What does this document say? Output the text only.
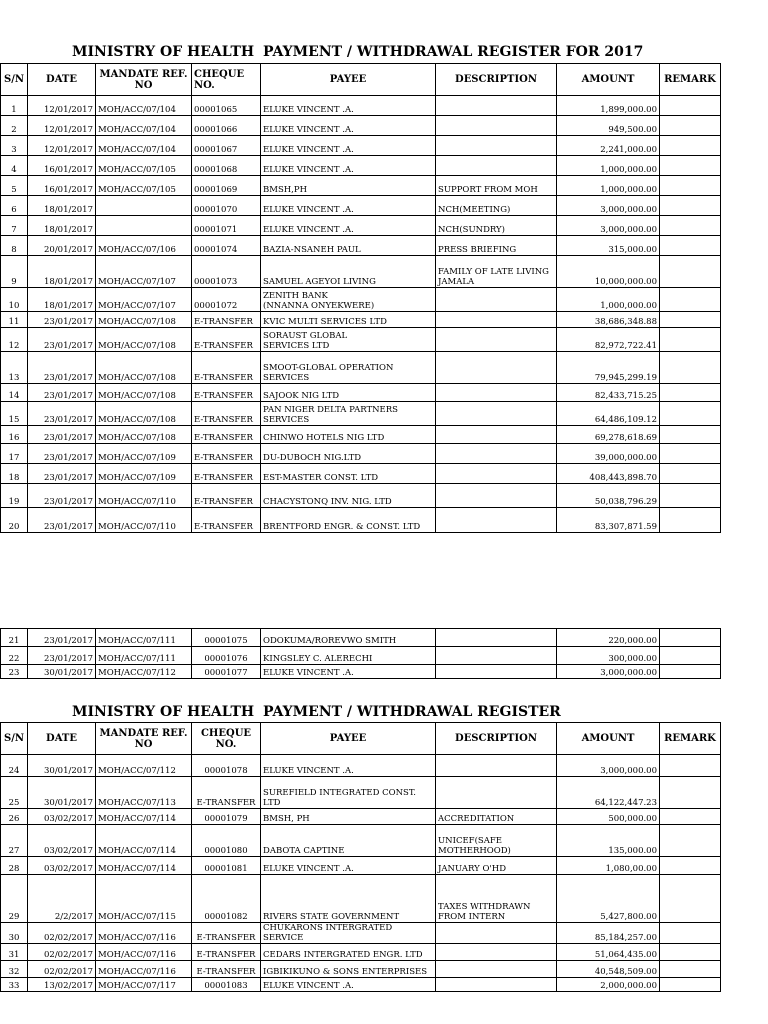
MINISTRY OF HEALTH PAYMENT / WITHDRAWAL REGISTER FOR 2017
S/N	DATE	MANDATE REF. NO	CHEQUE NO.	PAYEE	DESCRIPTION	AMOUNT	REMARK
1	12/01/2017	MOH/ACC/07/104	00001065	ELUKE VINCENT .A.		1,899,000.00	
2	12/01/2017	MOH/ACC/07/104	00001066	ELUKE VINCENT .A.		949,500.00	
3	12/01/2017	MOH/ACC/07/104	00001067	ELUKE VINCENT .A.		2,241,000.00	
4	16/01/2017	MOH/ACC/07/105	00001068	ELUKE VINCENT .A.		1,000,000.00	
5	16/01/2017	MOH/ACC/07/105	00001069	BMSH,PH	SUPPORT FROM MOH	1,000,000.00	
6	18/01/2017		00001070	ELUKE VINCENT .A.	NCH(MEETING)	3,000,000.00	
7	18/01/2017		00001071	ELUKE VINCENT .A.	NCH(SUNDRY)	3,000,000.00	
8	20/01/2017	MOH/ACC/07/106	00001074	BAZIA-NSANEH PAUL	PRESS BRIEFING	315,000.00	
9	18/01/2017	MOH/ACC/07/107	00001073	SAMUEL AGEYOI LIVING	FAMILY OF LATE LIVING JAMALA	10,000,000.00	
10	18/01/2017	MOH/ACC/07/107	00001072	ZENITH BANK
(NNANNA ONYEKWERE)		1,000,000.00	
11	23/01/2017	MOH/ACC/07/108	E-TRANSFER	KVIC MULTI SERVICES LTD		38,686,348.88	
12	23/01/2017	MOH/ACC/07/108	E-TRANSFER	SORAUST GLOBAL
SERVICES LTD		82,972,722.41	
13	23/01/2017	MOH/ACC/07/108	E-TRANSFER	SMOOT-GLOBAL OPERATION
SERVICES		79,945,299.19	
14	23/01/2017	MOH/ACC/07/108	E-TRANSFER	SAJOOK NIG LTD		82,433,715.25	
15	23/01/2017	MOH/ACC/07/108	E-TRANSFER	PAN NIGER DELTA PARTNERS
SERVICES		64,486,109.12	
16	23/01/2017	MOH/ACC/07/108	E-TRANSFER	CHINWO HOTELS NIG LTD		69,278,618.69	
17	23/01/2017	MOH/ACC/07/109	E-TRANSFER	DU-DUBOCH NIG.LTD		39,000,000.00	
18	23/01/2017	MOH/ACC/07/109	E-TRANSFER	EST-MASTER CONST. LTD		408,443,898.70	
19	23/01/2017	MOH/ACC/07/110	E-TRANSFER	CHACYSTONQ INV. NIG. LTD		50,038,796.29	
20	23/01/2017	MOH/ACC/07/110	E-TRANSFER	BRENTFORD ENGR. & CONST. LTD		83,307,871.59	
21	23/01/2017	MOH/ACC/07/111	00001075	ODOKUMA/ROREVWO SMITH		220,000.00	
22	23/01/2017	MOH/ACC/07/111	00001076	KINGSLEY C. ALERECHI		300,000.00	
23	30/01/2017	MOH/ACC/07/112	00001077	ELUKE VINCENT .A.		3,000,000.00	
MINISTRY OF HEALTH PAYMENT / WITHDRAWAL REGISTER
S/N	DATE	MANDATE REF. NO	CHEQUE NO.	PAYEE	DESCRIPTION	AMOUNT	REMARK
24	30/01/2017	MOH/ACC/07/112	00001078	ELUKE VINCENT .A.		3,000,000.00	
25	30/01/2017	MOH/ACC/07/113	E-TRANSFER	SUREFIELD INTEGRATED CONST.
LTD		64,122,447.23	
26	03/02/2017	MOH/ACC/07/114	00001079	BMSH, PH	ACCREDITATION	500,000.00	
27	03/02/2017	MOH/ACC/07/114	00001080	DABOTA CAPTINE	UNICEF(SAFE
MOTHERHOOD)	135,000.00	
28	03/02/2017	MOH/ACC/07/114	00001081	ELUKE VINCENT .A.	JANUARY O'HD	1,080,00.00	
29	2/2/2017	MOH/ACC/07/115	00001082	RIVERS STATE GOVERNMENT	TAXES WITHDRAWN
FROM INTERN	5,427,800.00	
30	02/02/2017	MOH/ACC/07/116	E-TRANSFER	CHUKARONS INTERGRATED SERVICE		85,184,257.00	
31	02/02/2017	MOH/ACC/07/116	E-TRANSFER	CEDARS INTERGRATED ENGR. LTD		51,064,435.00	
32	02/02/2017	MOH/ACC/07/116	E-TRANSFER	IGBIKIKUNO & SONS ENTERPRISES		40,548,509.00	
33	13/02/2017	MOH/ACC/07/117	00001083	ELUKE VINCENT .A.		2,000,000.00	
